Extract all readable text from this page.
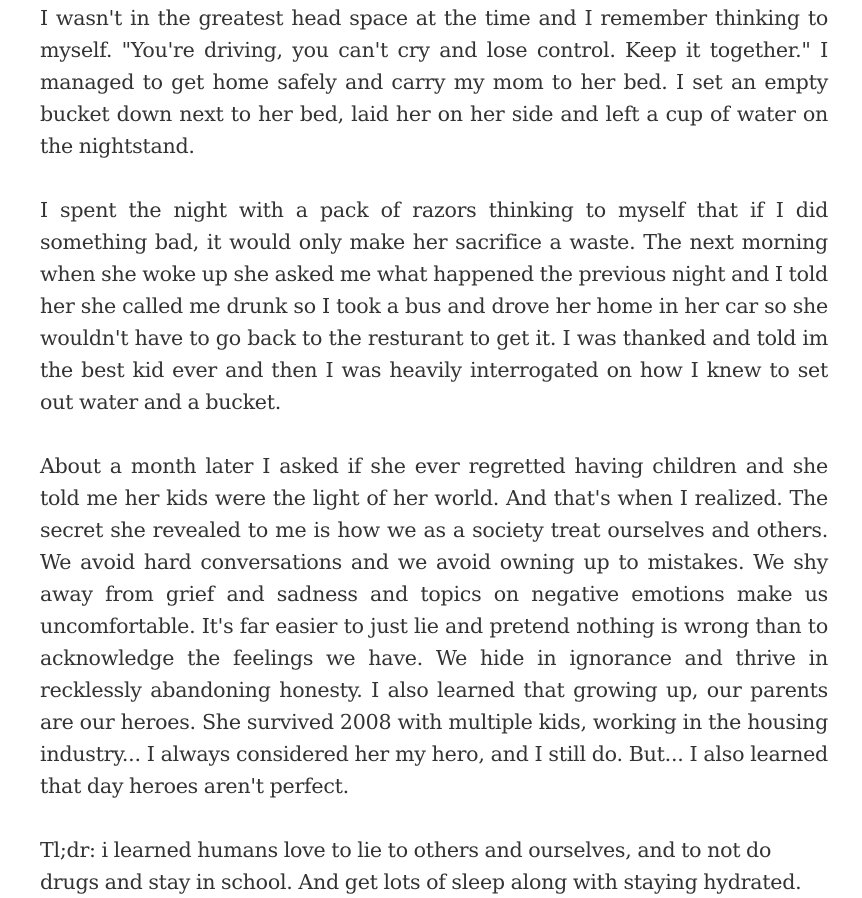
I wasn't in the greatest head space at the time and I remember thinking to myself. "You're driving, you can't cry and lose control. Keep it together." I managed to get home safely and carry my mom to her bed. I set an empty bucket down next to her bed, laid her on her side and left a cup of water on the nightstand.

I spent the night with a pack of razors thinking to myself that if I did something bad, it would only make her sacrifice a waste. The next morning when she woke up she asked me what happened the previous night and I told her she called me drunk so I took a bus and drove her home in her car so she wouldn't have to go back to the resturant to get it. I was thanked and told im the best kid ever and then I was heavily interrogated on how I knew to set out water and a bucket.

About a month later I asked if she ever regretted having children and she told me her kids were the light of her world. And that's when I realized. The secret she revealed to me is how we as a society treat ourselves and others. We avoid hard conversations and we avoid owning up to mistakes. We shy away from grief and sadness and topics on negative emotions make us uncomfortable. It's far easier to just lie and pretend nothing is wrong than to acknowledge the feelings we have. We hide in ignorance and thrive in recklessly abandoning honesty. I also learned that growing up, our parents are our heroes. She survived 2008 with multiple kids, working in the housing industry... I always considered her my hero, and I still do. But... I also learned that day heroes aren't perfect.

Tl;dr: i learned humans love to lie to others and ourselves, and to not do drugs and stay in school. And get lots of sleep along with staying hydrated.
